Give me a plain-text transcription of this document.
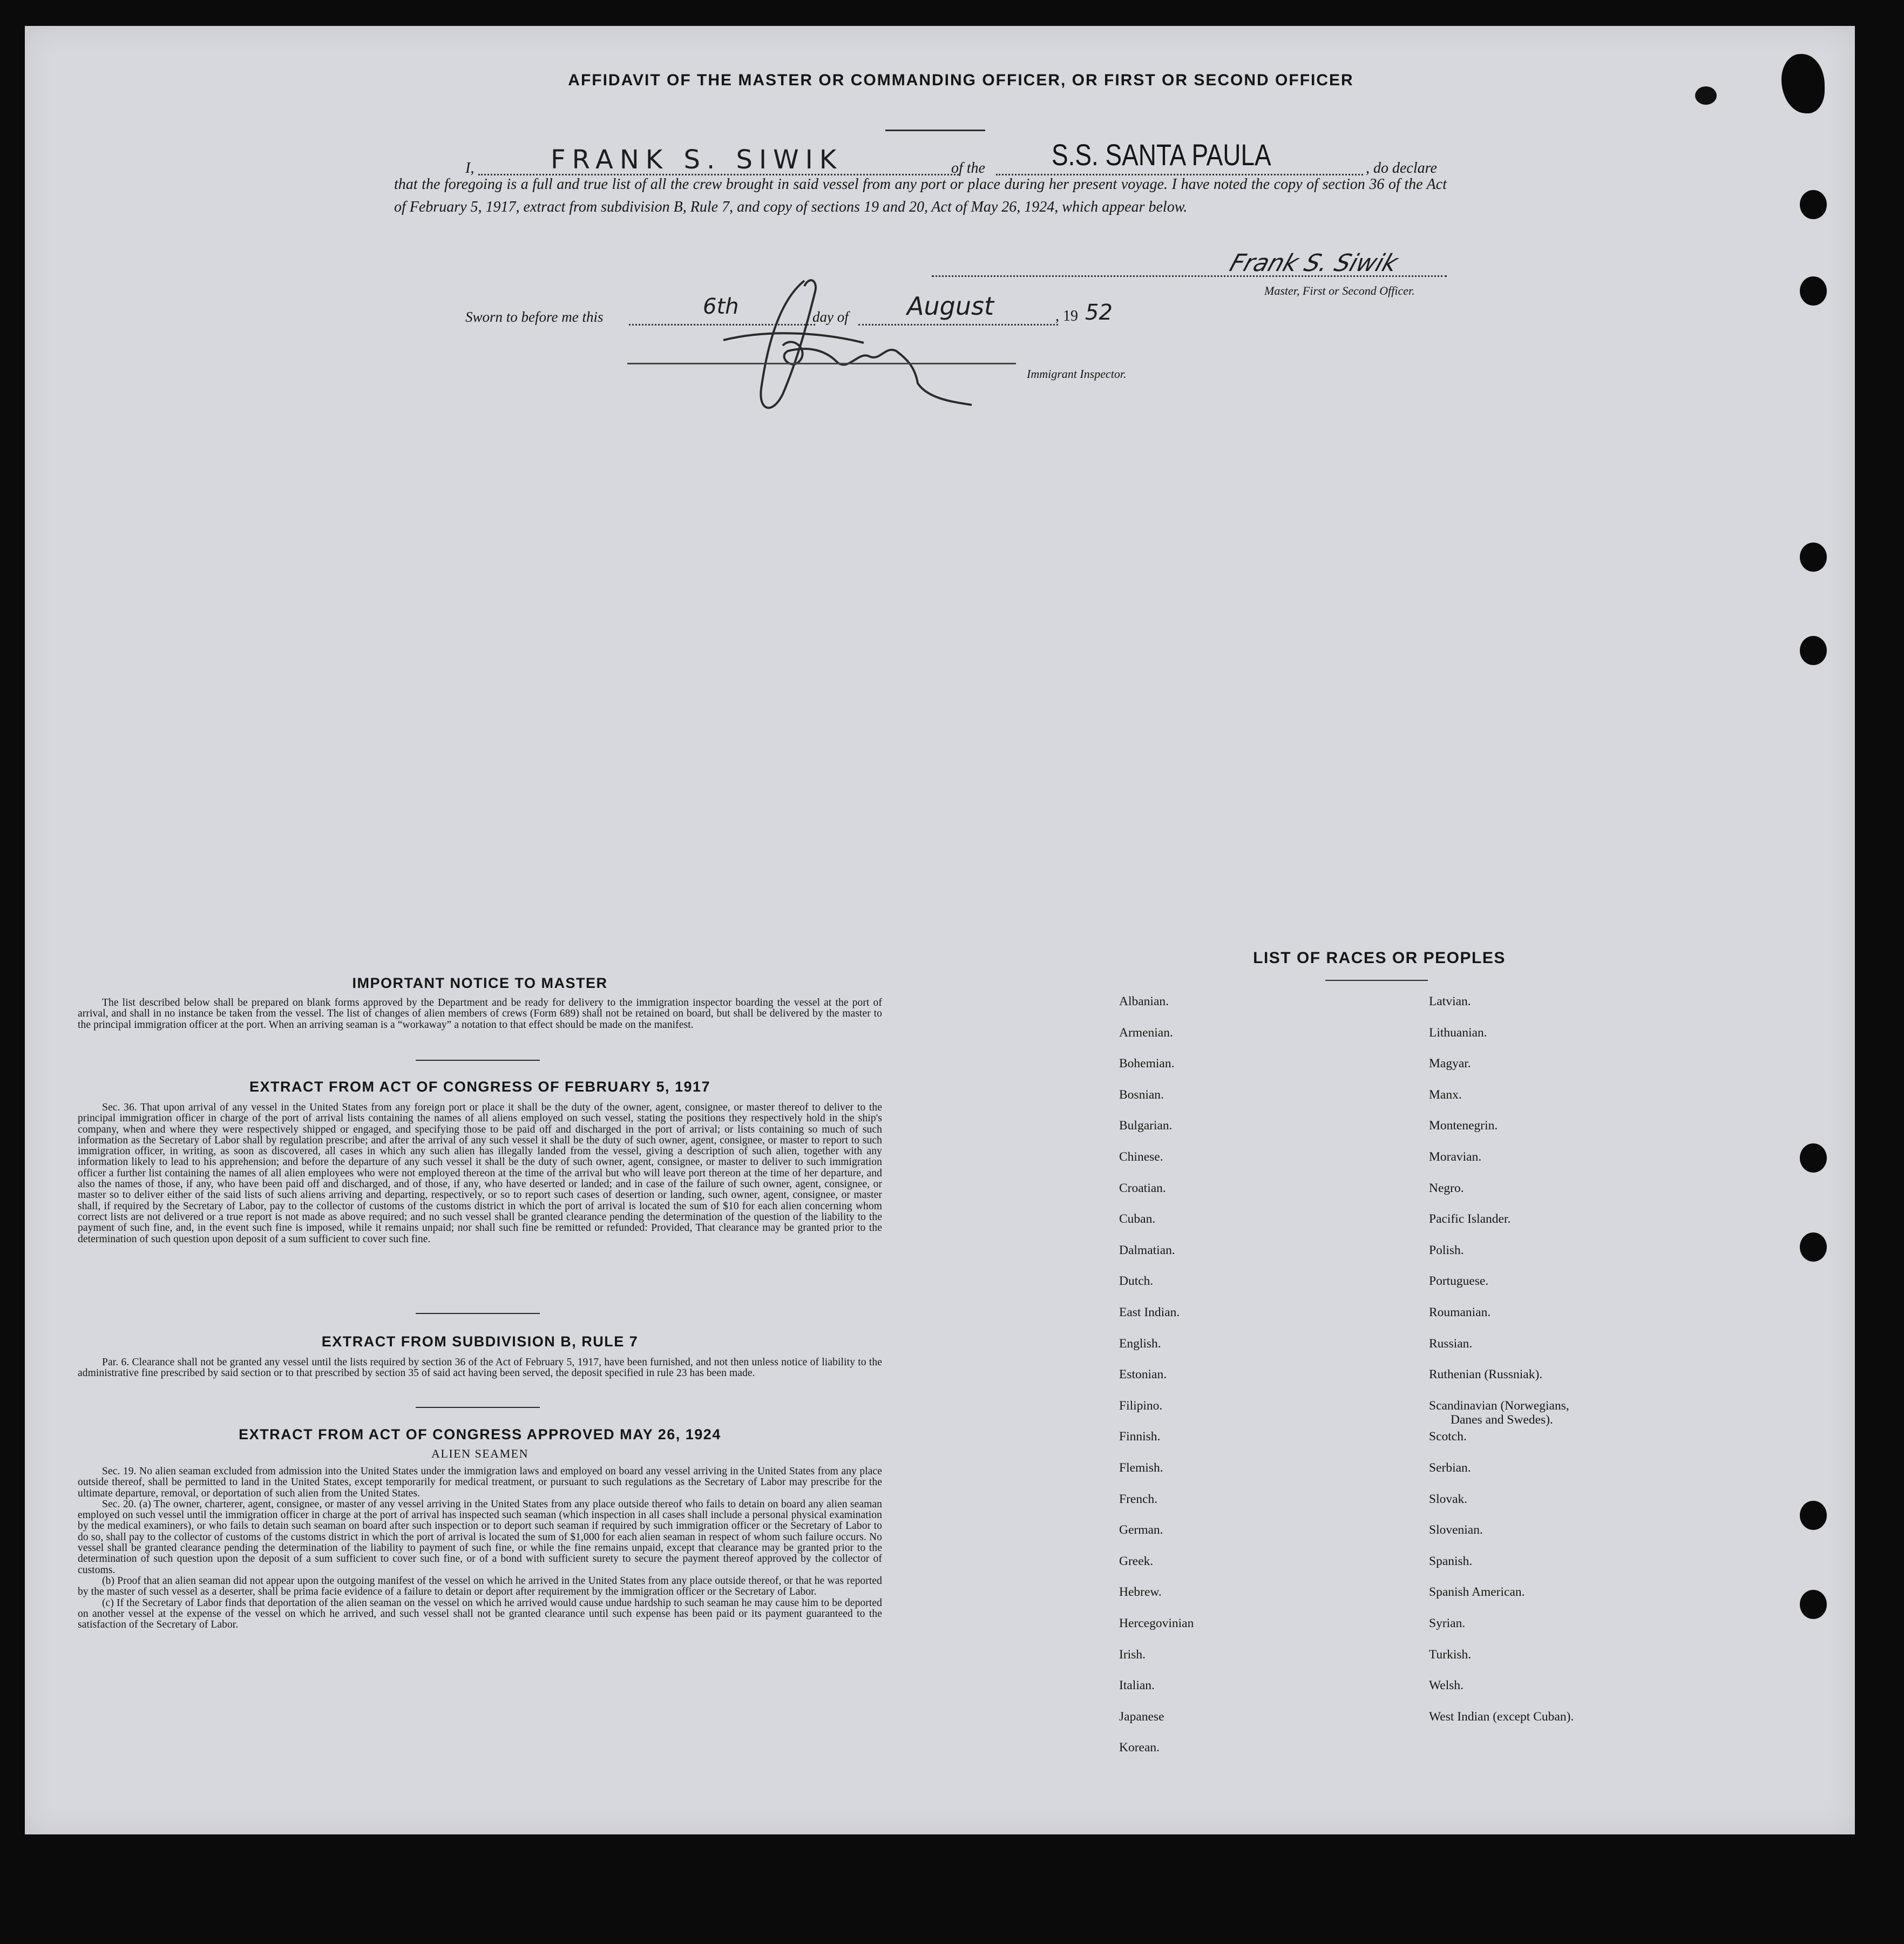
AFFIDAVIT OF THE MASTER OR COMMANDING OFFICER, OR FIRST OR SECOND OFFICER
I,	FRANK S. SIWIK	of the S.S. SANTA PAULA	, do declare
that the foregoing is a full and true list of all the crew brought in said vessel from any port or place during her present voyage. I have noted the copy of section 36 of the Act of February 5, 1917, extract from subdivision B, Rule 7, and copy of sections 19 and 20, Act of May 26, 1924, which appear below.
Frank S. Siwik
Master, First or Second Officer.
Sworn to before me this	6th	day of August	, 19 52
Immigrant Inspector.
IMPORTANT NOTICE TO MASTER

The list described below shall be prepared on blank forms approved by the Department and be ready for delivery to the immigration inspector boarding the vessel at the port of arrival, and shall in no instance be taken from the vessel. The list of changes of alien members of crews (Form 689) shall not be retained on board, but shall be delivered by the master to the principal immigration officer at the port. When an arriving seaman is a “workaway” a notation to that effect should be made on the manifest.

EXTRACT FROM ACT OF CONGRESS OF FEBRUARY 5, 1917

Sec. 36. That upon arrival of any vessel in the United States from any foreign port or place it shall be the duty of the owner, agent, consignee, or master thereof to deliver to the principal immigration officer in charge of the port of arrival lists containing the names of all aliens employed on such vessel, stating the positions they respectively hold in the ship's company, when and where they were respectively shipped or engaged, and specifying those to be paid off and discharged in the port of arrival; or lists containing so much of such information as the Secretary of Labor shall by regulation prescribe; and after the arrival of any such vessel it shall be the duty of such owner, agent, consignee, or master to report to such immigration officer, in writing, as soon as discovered, all cases in which any such alien has illegally landed from the vessel, giving a description of such alien, together with any information likely to lead to his apprehension; and before the departure of any such vessel it shall be the duty of such owner, agent, consignee, or master to deliver to such immigration officer a further list containing the names of all alien employees who were not employed thereon at the time of the arrival but who will leave port thereon at the time of her departure, and also the names of those, if any, who have been paid off and discharged, and of those, if any, who have deserted or landed; and in case of the failure of such owner, agent, consignee, or master so to deliver either of the said lists of such aliens arriving and departing, respectively, or so to report such cases of desertion or landing, such owner, agent, consignee, or master shall, if required by the Secretary of Labor, pay to the collector of customs of the customs district in which the port of arrival is located the sum of $10 for each alien concerning whom correct lists are not delivered or a true report is not made as above required; and no such vessel shall be granted clearance pending the determination of the question of the liability to the payment of such fine, and, in the event such fine is imposed, while it remains unpaid; nor shall such fine be remitted or refunded: Provided, That clearance may be granted prior to the determination of such question upon deposit of a sum sufficient to cover such fine.

EXTRACT FROM SUBDIVISION B, RULE 7

Par. 6. Clearance shall not be granted any vessel until the lists required by section 36 of the Act of February 5, 1917, have been furnished, and not then unless notice of liability to the administrative fine prescribed by said section or to that prescribed by section 35 of said act having been served, the deposit specified in rule 23 has been made.

EXTRACT FROM ACT OF CONGRESS APPROVED MAY 26, 1924
ALIEN SEAMEN

Sec. 19. No alien seaman excluded from admission into the United States under the immigration laws and employed on board any vessel arriving in the United States from any place outside thereof, shall be permitted to land in the United States, except temporarily for medical treatment, or pursuant to such regulations as the Secretary of Labor may prescribe for the ultimate departure, removal, or deportation of such alien from the United States.

Sec. 20. (a) The owner, charterer, agent, consignee, or master of any vessel arriving in the United States from any place outside thereof who fails to detain on board any alien seaman employed on such vessel until the immigration officer in charge at the port of arrival has inspected such seaman (which inspection in all cases shall include a personal physical examination by the medical examiners), or who fails to detain such seaman on board after such inspection or to deport such seaman if required by such immigration officer or the Secretary of Labor to do so, shall pay to the collector of customs of the customs district in which the port of arrival is located the sum of $1,000 for each alien seaman in respect of whom such failure occurs. No vessel shall be granted clearance pending the determination of the liability to payment of such fine, or while the fine remains unpaid, except that clearance may be granted prior to the determination of such question upon the deposit of a sum sufficient to cover such fine, or of a bond with sufficient surety to secure the payment thereof approved by the collector of customs.

(b) Proof that an alien seaman did not appear upon the outgoing manifest of the vessel on which he arrived in the United States from any place outside thereof, or that he was reported by the master of such vessel as a deserter, shall be prima facie evidence of a failure to detain or deport after requirement by the immigration officer or the Secretary of Labor.

(c) If the Secretary of Labor finds that deportation of the alien seaman on the vessel on which he arrived would cause undue hardship to such seaman he may cause him to be deported on another vessel at the expense of the vessel on which he arrived, and such vessel shall not be granted clearance until such expense has been paid or its payment guaranteed to the satisfaction of the Secretary of Labor.

LIST OF RACES OR PEOPLES
Albanian.
Armenian.
Bohemian.
Bosnian.
Bulgarian.
Chinese.
Croatian.
Cuban.
Dalmatian.
Dutch.
East Indian.
English.
Estonian.
Filipino.
Finnish.
Flemish.
French.
German.
Greek.
Hebrew.
Hercegovinian
Irish.
Italian.
Japanese
Korean.
Latvian.
Lithuanian.
Magyar.
Manx.
Montenegrin.
Moravian.
Negro.
Pacific Islander.
Polish.
Portuguese.
Roumanian.
Russian.
Ruthenian (Russniak).
Scandinavian (Norwegians,
Danes and Swedes).
Scotch.
Serbian.
Slovak.
Slovenian.
Spanish.
Spanish American.
Syrian.
Turkish.
Welsh.
West Indian (except Cuban).
